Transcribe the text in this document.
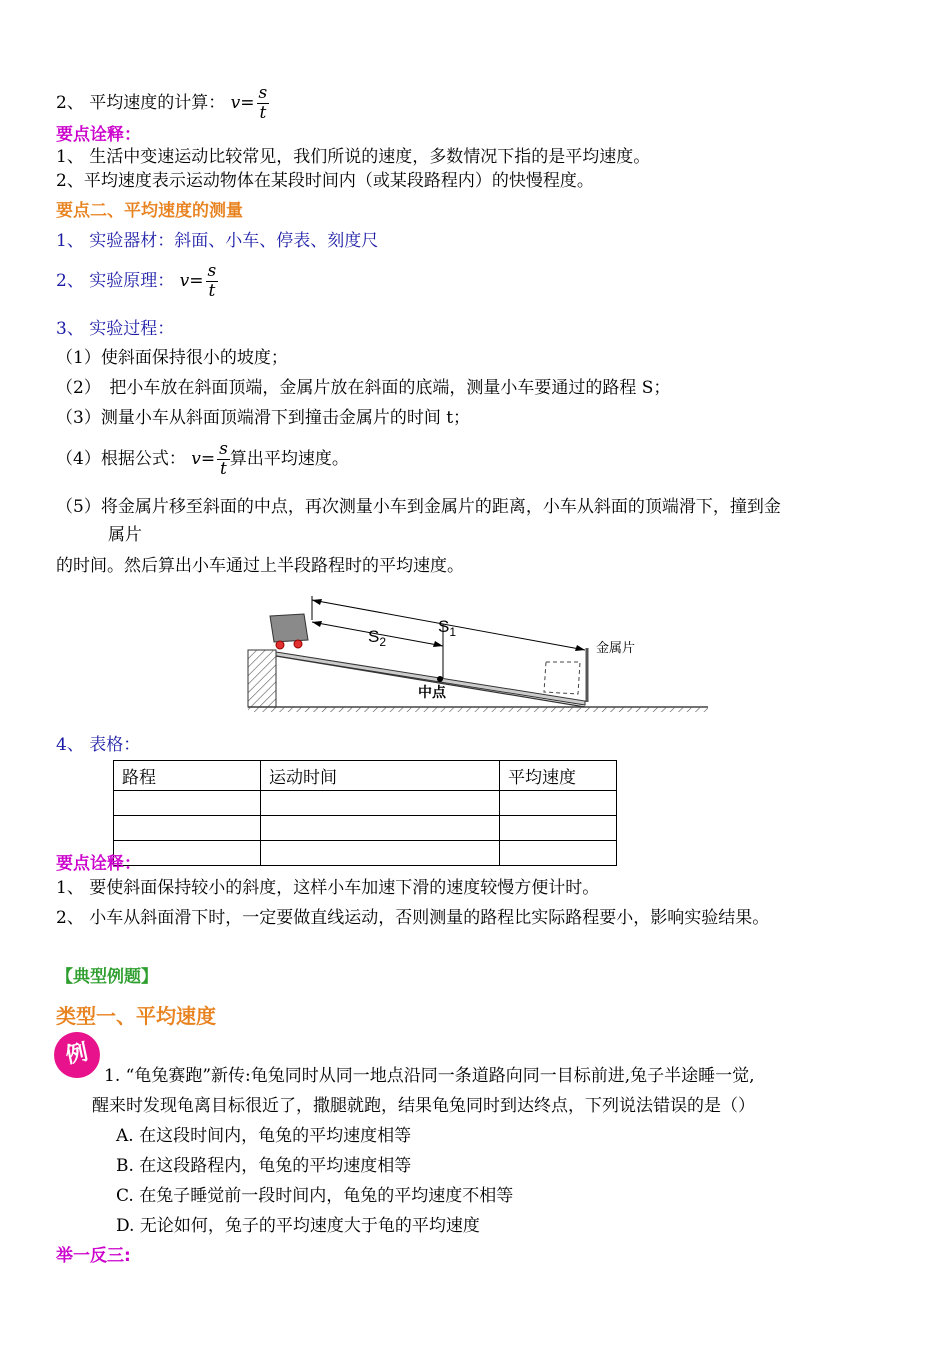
2、 平均速度的计算： $v= \frac{s}{t}$
要点诠释：
1、 生活中变速运动比较常见，我们所说的速度，多数情况下指的是平均速度。
2、平均速度表示运动物体在某段时间内（或某段路程内）的快慢程度。
要点二、平均速度的测量
1、 实验器材：斜面、小车、停表、刻度尺
2、 实验原理： $v= \frac{s}{t}$
3、 实验过程：
（1）使斜面保持很小的坡度；
（2）　把小车放在斜面顶端，金属片放在斜面的底端，测量小车要通过的路程 S；
（3）测量小车从斜面顶端滑下到撞击金属片的时间 t；
（4）根据公式： $v= \frac{s}{t}$ 算出平均速度。
（5）将金属片移至斜面的中点，再次测量小车到金属片的距离，小车从斜面的顶端滑下，撞到金
属片
的时间。然后算出小车通过上半段路程时的平均速度。
$S_1$
$S_2$	金属片
中点
4、 表格：
路程	运动时间	平均速度

要点诠释：
1、 要使斜面保持较小的斜度，这样小车加速下滑的速度较慢方便计时。
2、 小车从斜面滑下时，一定要做直线运动，否则测量的路程比实际路程要小，影响实验结果。
【典型例题】
类型一、平均速度
例
1. “龟兔赛跑”新传:龟兔同时从同一地点沿同一条道路向同一目标前进,兔子半途睡一觉,
醒来时发现龟离目标很近了，撒腿就跑，结果龟兔同时到达终点，下列说法错误的是（）
A. 在这段时间内，龟兔的平均速度相等
B. 在这段路程内，龟兔的平均速度相等
C. 在兔子睡觉前一段时间内，龟兔的平均速度不相等
D. 无论如何，兔子的平均速度大于龟的平均速度
举一反三:
